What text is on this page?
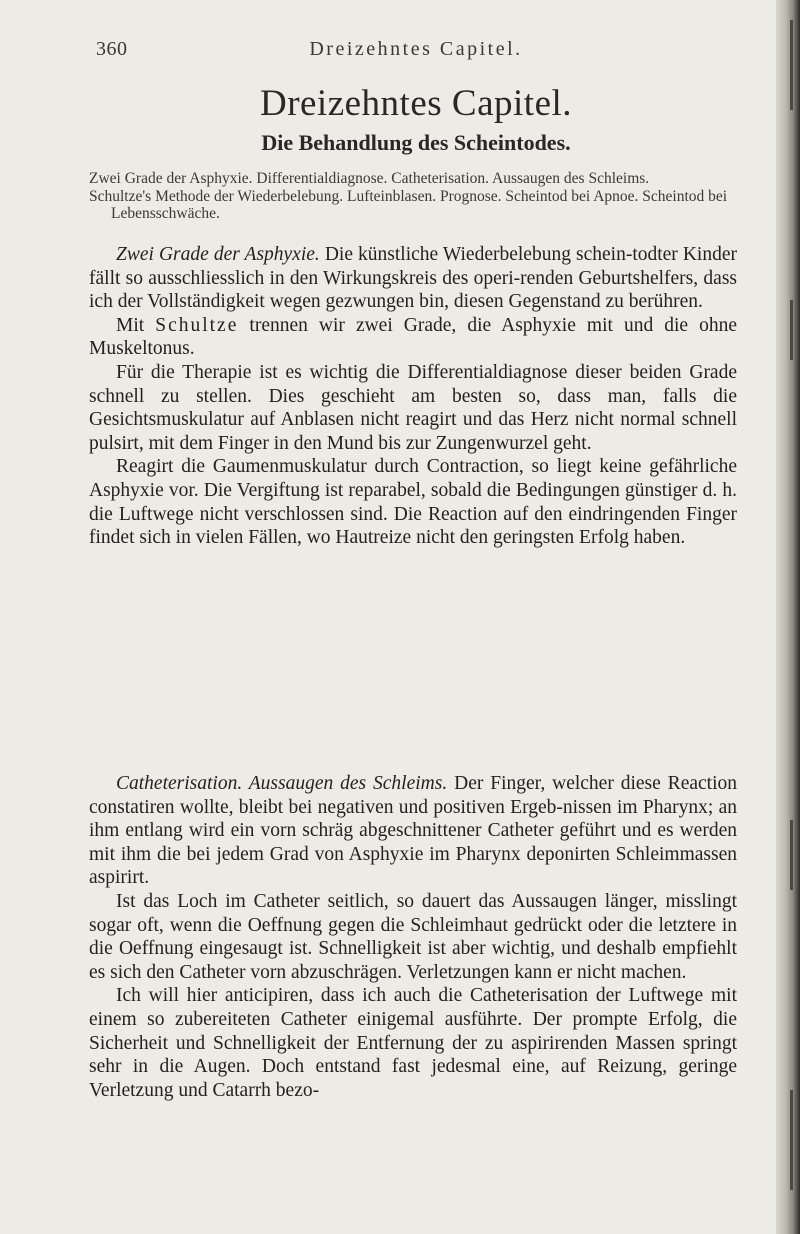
360	Dreizehntes Capitel.
Dreizehntes Capitel.
Die Behandlung des Scheintodes.

Zwei Grade der Asphyxie. Differentialdiagnose. Catheterisation. Aussaugen des Schleims.

Schultze's Methode der Wiederbelebung. Lufteinblasen. Prognose. Scheintod bei Apnoe. Scheintod bei Lebensschwäche.

Zwei Grade der Asphyxie. Die künstliche Wiederbelebung schein-todter Kinder fällt so ausschliesslich in den Wirkungskreis des operi-renden Geburtshelfers, dass ich der Vollständigkeit wegen gezwungen bin, diesen Gegenstand zu berühren.

Mit Schultze trennen wir zwei Grade, die Asphyxie mit und die ohne Muskeltonus.

Für die Therapie ist es wichtig die Differentialdiagnose dieser beiden Grade schnell zu stellen. Dies geschieht am besten so, dass man, falls die Gesichtsmuskulatur auf Anblasen nicht reagirt und das Herz nicht normal schnell pulsirt, mit dem Finger in den Mund bis zur Zungenwurzel geht.

Reagirt die Gaumenmuskulatur durch Contraction, so liegt keine gefährliche Asphyxie vor. Die Vergiftung ist reparabel, sobald die Bedingungen günstiger d. h. die Luftwege nicht verschlossen sind. Die Reaction auf den eindringenden Finger findet sich in vielen Fällen, wo Hautreize nicht den geringsten Erfolg haben.

Catheterisation. Aussaugen des Schleims. Der Finger, welcher diese Reaction constatiren wollte, bleibt bei negativen und positiven Ergeb-nissen im Pharynx; an ihm entlang wird ein vorn schräg abgeschnittener Catheter geführt und es werden mit ihm die bei jedem Grad von Asphyxie im Pharynx deponirten Schleimmassen aspirirt.

Ist das Loch im Catheter seitlich, so dauert das Aussaugen länger, misslingt sogar oft, wenn die Oeffnung gegen die Schleimhaut gedrückt oder die letztere in die Oeffnung eingesaugt ist. Schnelligkeit ist aber wichtig, und deshalb empfiehlt es sich den Catheter vorn abzuschrägen. Verletzungen kann er nicht machen.

Ich will hier anticipiren, dass ich auch die Catheterisation der Luftwege mit einem so zubereiteten Catheter einigemal ausführte. Der prompte Erfolg, die Sicherheit und Schnelligkeit der Entfernung der zu aspirirenden Massen springt sehr in die Augen. Doch entstand fast jedesmal eine, auf Reizung, geringe Verletzung und Catarrh bezo-
